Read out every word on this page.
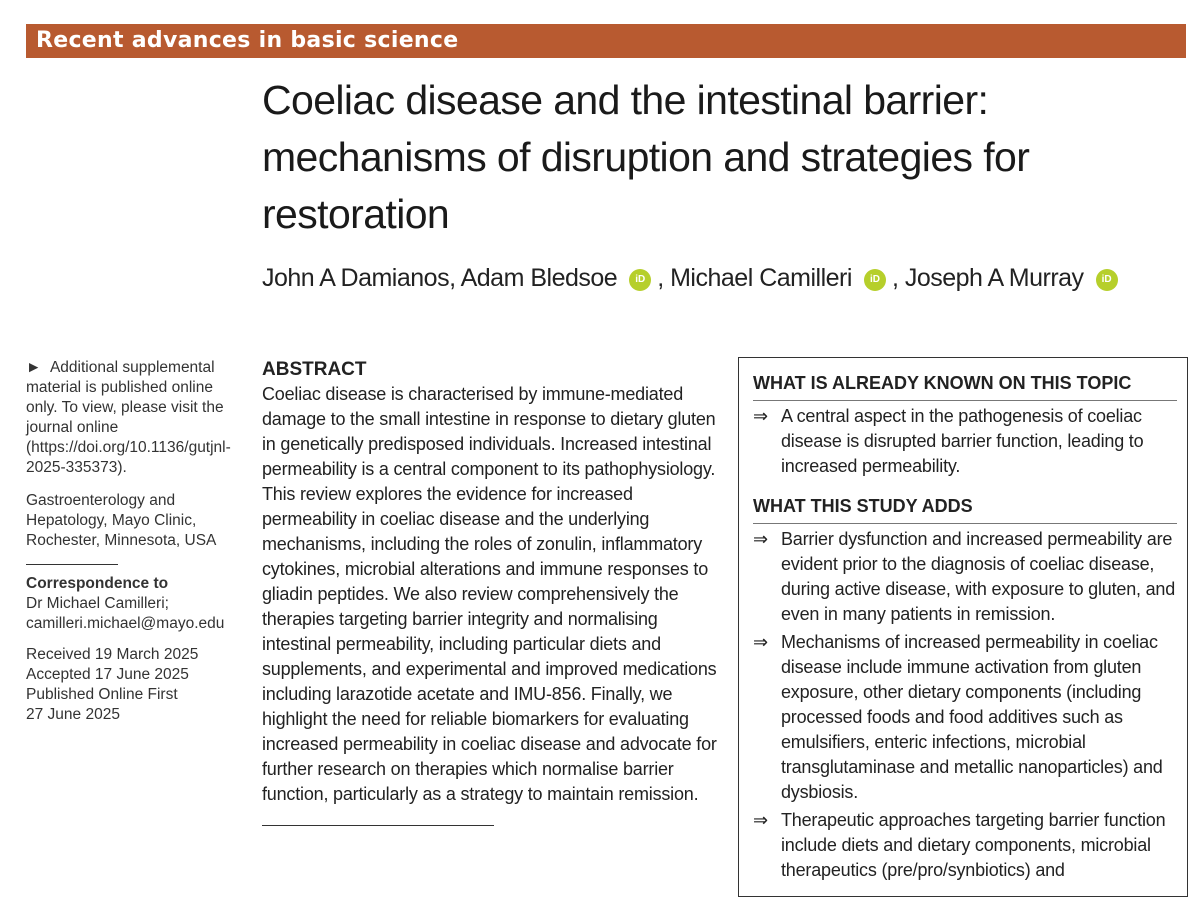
Recent advances in basic science
Coeliac disease and the intestinal barrier: mechanisms of disruption and strategies for restoration
John A Damianos, Adam Bledsoe iD , Michael Camilleri iD , Joseph A Murray iD

► Additional supplemental material is published online only. To view, please visit the journal online (https://doi.org/10.1136/gutjnl-2025-335373).

Gastroenterology and Hepatology, Mayo Clinic, Rochester, Minnesota, USA

Correspondence to

Dr Michael Camilleri;

camilleri.michael@mayo.edu

Received 19 March 2025

Accepted 17 June 2025

Published Online First

27 June 2025

ABSTRACT

Coeliac disease is characterised by immune-mediated damage to the small intestine in response to dietary gluten in genetically predisposed individuals. Increased intestinal permeability is a central component to its pathophysiology. This review explores the evidence for increased permeability in coeliac disease and the underlying mechanisms, including the roles of zonulin, inflammatory cytokines, microbial alterations and immune responses to gliadin peptides. We also review comprehensively the therapies targeting barrier integrity and normalising intestinal permeability, including particular diets and supplements, and experimental and improved medications including larazotide acetate and IMU-856. Finally, we highlight the need for reliable biomarkers for evaluating increased permeability in coeliac disease and advocate for further research on therapies which normalise barrier function, particularly as a strategy to maintain remission.

WHAT IS ALREADY KNOWN ON THIS TOPIC

⇒ A central aspect in the pathogenesis of coeliac disease is disrupted barrier function, leading to increased permeability.

WHAT THIS STUDY ADDS

⇒ Barrier dysfunction and increased permeability are evident prior to the diagnosis of coeliac disease, during active disease, with exposure to gluten, and even in many patients in remission.

⇒ Mechanisms of increased permeability in coeliac disease include immune activation from gluten exposure, other dietary components (including processed foods and food additives such as emulsifiers, enteric infections, microbial transglutaminase and metallic nanoparticles) and dysbiosis.

⇒ Therapeutic approaches targeting barrier function include diets and dietary components, microbial therapeutics (pre/pro/synbiotics) and
